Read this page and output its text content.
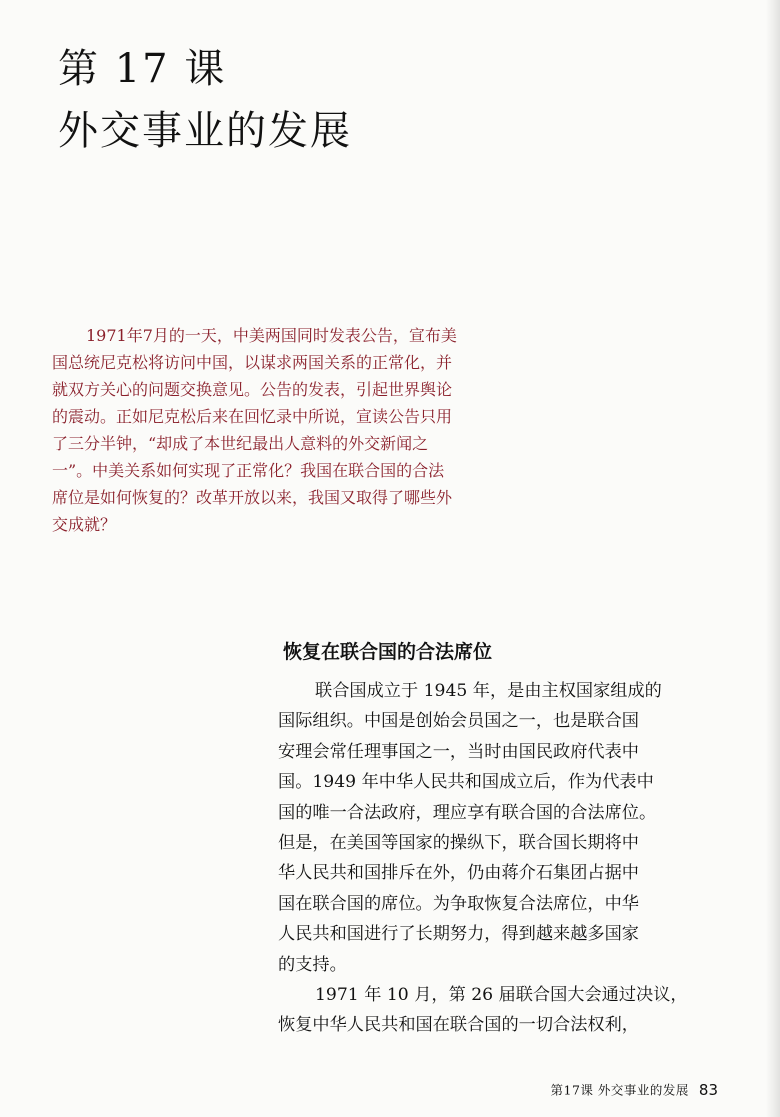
第 17 课
外交事业的发展
1971年7月的一天，中美两国同时发表公告，宣布美
国总统尼克松将访问中国，以谋求两国关系的正常化，并
就双方关心的问题交换意见。公告的发表，引起世界舆论
的震动。正如尼克松后来在回忆录中所说，宣读公告只用
了三分半钟，“却成了本世纪最出人意料的外交新闻之
一”。中美关系如何实现了正常化？我国在联合国的合法
席位是如何恢复的？改革开放以来，我国又取得了哪些外
交成就？
恢复在联合国的合法席位
联合国成立于 1945 年，是由主权国家组成的
国际组织。中国是创始会员国之一，也是联合国
安理会常任理事国之一，当时由国民政府代表中
国。1949 年中华人民共和国成立后，作为代表中
国的唯一合法政府，理应享有联合国的合法席位。
但是，在美国等国家的操纵下，联合国长期将中
华人民共和国排斥在外，仍由蒋介石集团占据中
国在联合国的席位。为争取恢复合法席位，中华
人民共和国进行了长期努力，得到越来越多国家
的支持。
1971 年 10 月，第 26 届联合国大会通过决议，
恢复中华人民共和国在联合国的一切合法权利，
第17课 外交事业的发展 83
